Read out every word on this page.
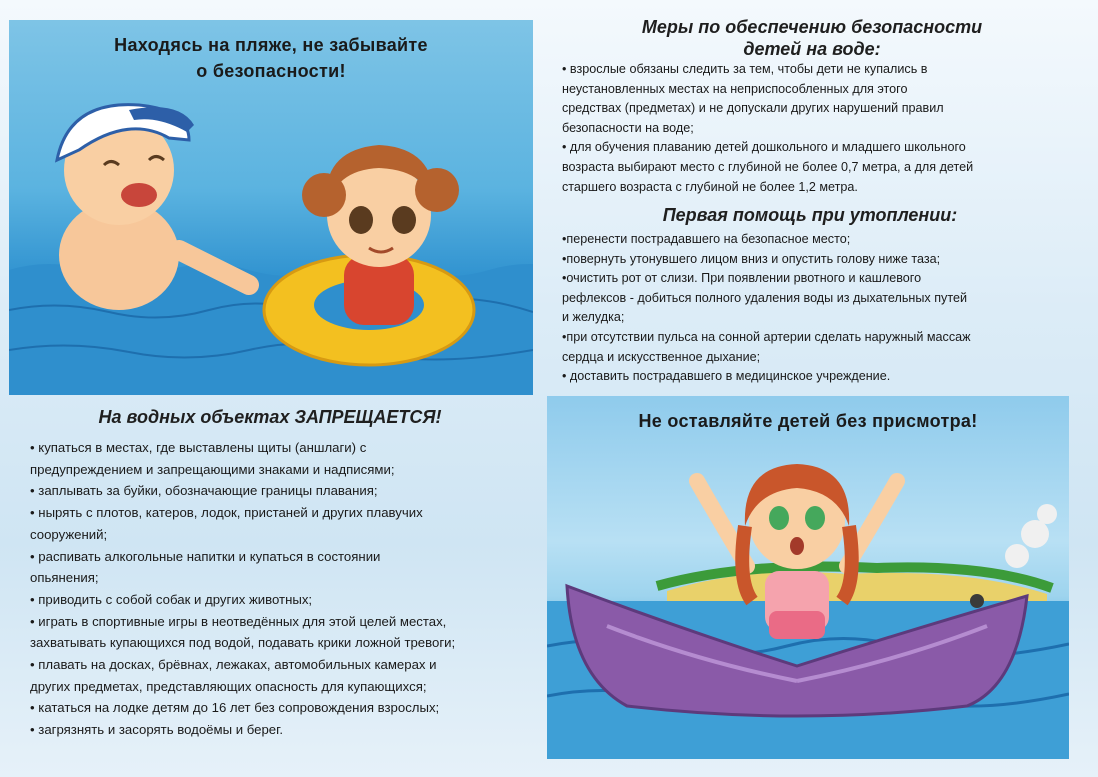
Находясь на пляже, не забывайте
о безопасности!
Меры по обеспечению безопасности
детей на воде:
• взрослые обязаны следить за тем, чтобы дети не купались в
неустановленных местах на неприспособленных для этого
средствах (предметах) и не допускали других нарушений правил
безопасности на воде;
• для обучения плаванию детей дошкольного и младшего школьного
возраста выбирают место с глубиной не более 0,7 метра, а для детей
старшего возраста с глубиной не более 1,2 метра.
Первая помощь при утоплении:
•перенести пострадавшего на безопасное место;
•повернуть утонувшего лицом вниз и опустить голову ниже таза;
•очистить рот от слизи. При появлении рвотного и кашлевого
рефлексов - добиться полного удаления воды из дыхательных путей
и желудка;
•при отсутствии пульса на сонной артерии сделать наружный массаж
сердца и искусственное дыхание;
• доставить пострадавшего в медицинское учреждение.
На водных объектах ЗАПРЕЩАЕТСЯ!
• купаться в местах, где выставлены щиты (аншлаги) с
предупреждением и запрещающими знаками и надписями;
• заплывать за буйки, обозначающие границы плавания;
• нырять с плотов, катеров, лодок, пристаней и других плавучих
сооружений;
• распивать алкогольные напитки и купаться в состоянии
опьянения;
• приводить с собой собак и других животных;
• играть в спортивные игры в неотведённых для этой целей местах,
захватывать купающихся под водой, подавать крики ложной тревоги;
• плавать на досках, брёвнах, лежаках, автомобильных камерах и
других предметах, представляющих опасность для купающихся;
• кататься на лодке детям до 16 лет без сопровождения взрослых;
• загрязнять и засорять водоёмы и берег.
Не оставляйте детей без присмотра!
